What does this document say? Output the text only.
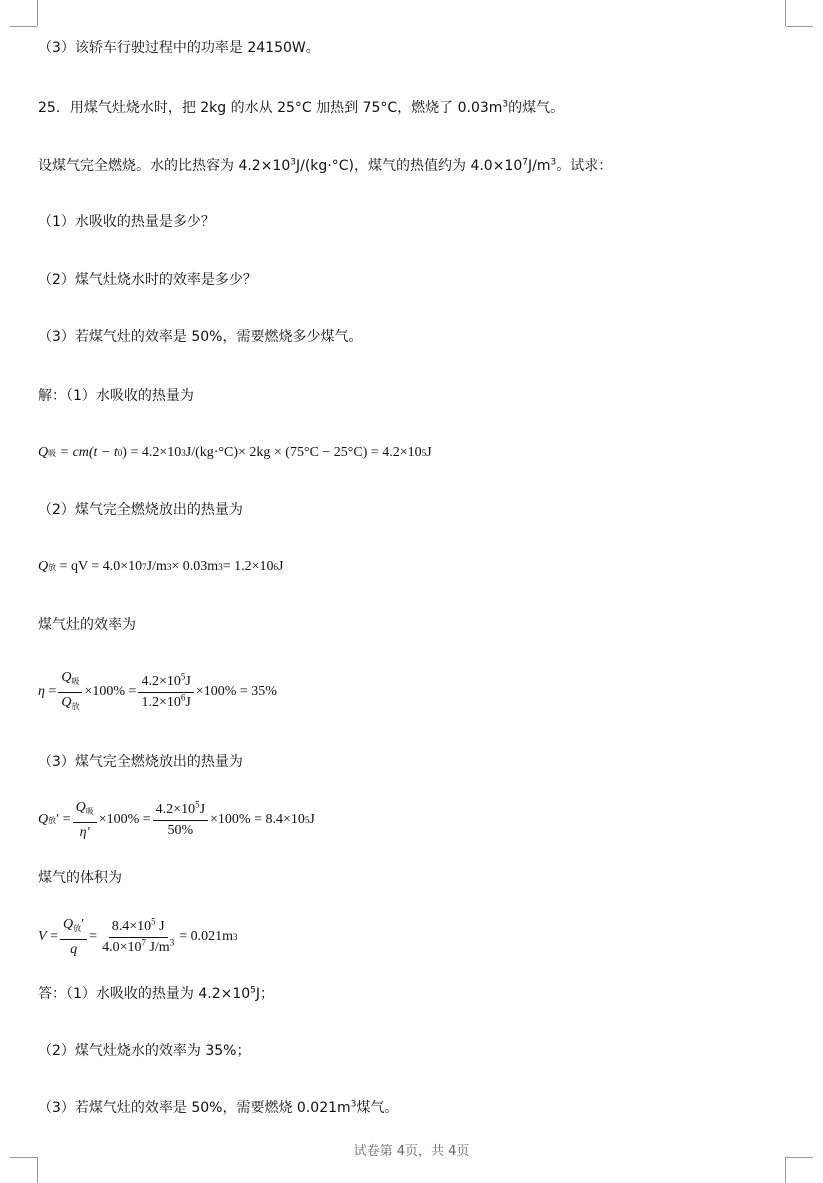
（3）该轿车行驶过程中的功率是 24150W。
25．用煤气灶烧水时，把 2kg 的水从 25°C 加热到 75°C，燃烧了 $0.03m^3$的煤气。
设煤气完全燃烧。水的比热容为 $4.2\times 10^3J/(kg\cdot^\circ C)$，煤气的热值约为 $4.0\times 10^7J/m^3$。试求：
（1）水吸收的热量是多少？
（2）煤气灶烧水时的效率是多少？
（3）若煤气灶的效率是 50%，需要燃烧多少煤气。
解：（1）水吸收的热量为
Q 吸
= cm(t − t 0 ) = 4.2×10 3 J/(kg·°C)× 2kg × (75°C − 25°C) = 4.2×10 5 J
（2）煤气完全燃烧放出的热量为
Q 放
= qV = 4.0×10 7 J/m 3 × 0.03m 3 = 1.2×10 6 J
煤气灶的效率为
η
= $\frac{Q_吸}{Q_放} \times 100\% = \frac{4.2\times 10^5J}{1.2\times 10^6J} \times 100\% = 35\%$
（3）煤气完全燃烧放出的热量为
Q 放 ′
= $\frac{Q_吸}{\eta'} \times 100\% = \frac{4.2\times 10^5J}{50\%} \times 100\% = 8.4\times 10$ 5 J
煤气的体积为
V
= $\frac{Q_放'}{q} = \frac{8.4\times 10^5 J}{4.0\times 10^7 J/m^3} = 0.021m$ 3
答：（1）水吸收的热量为 $4.2\times 10^5J$；
（2）煤气灶烧水的效率为 35%；
（3）若煤气灶的效率是 50%，需要燃烧 $0.021m^3$煤气。
试卷第 4页，共 4页
